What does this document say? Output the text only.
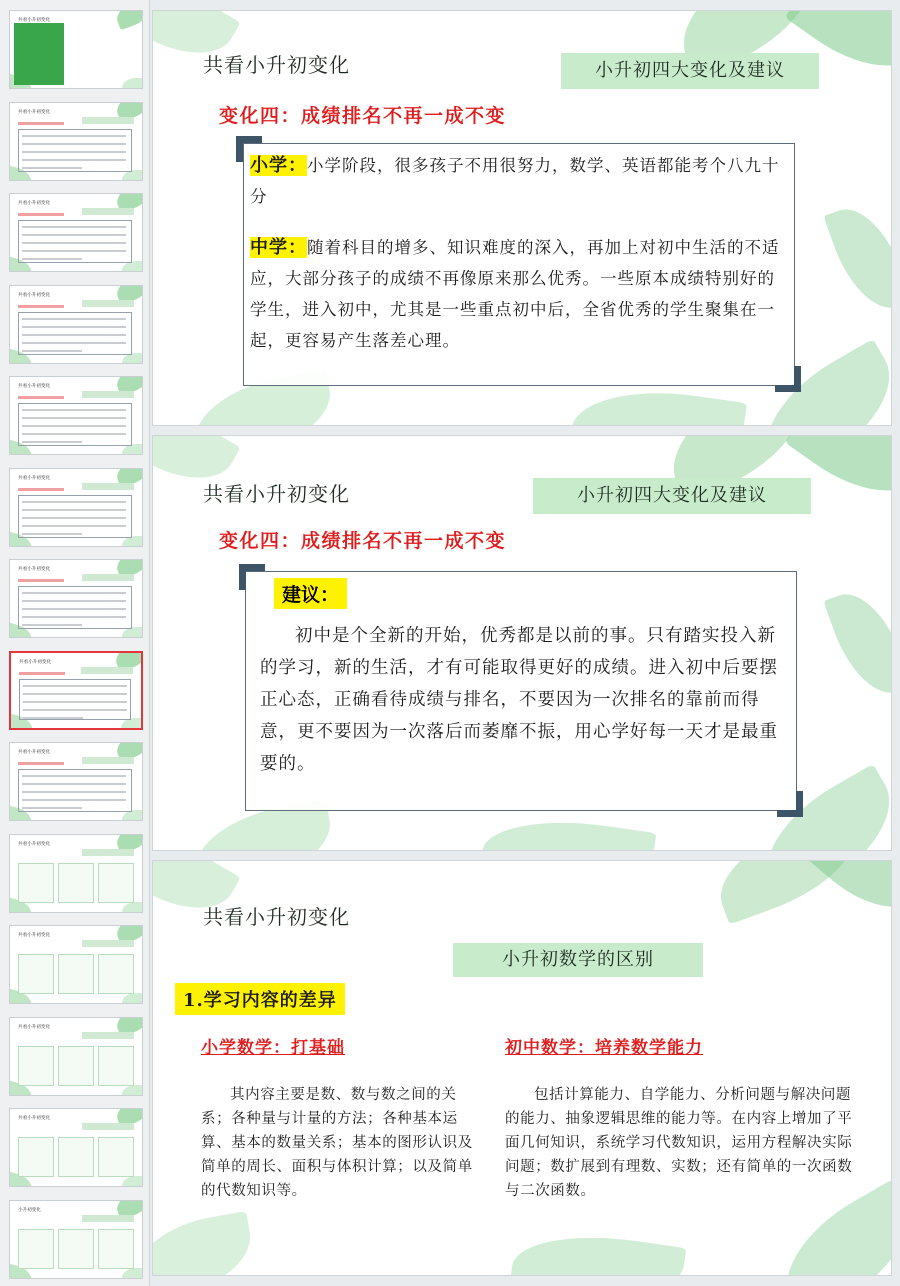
共看小升初变化
共看小升初变化
共看小升初变化
共看小升初变化
共看小升初变化
共看小升初变化
共看小升初变化
共看小升初变化
共看小升初变化
共看小升初变化
共看小升初变化
共看小升初变化
共看小升初变化
小升初变化
共看小升初变化	小升初四大变化及建议
变化四：成绩排名不再一成不变
小学：小学阶段，很多孩子不用很努力，数学、英语都能考个八九十分
中学：随着科目的增多、知识难度的深入，再加上对初中生活的不适应，大部分孩子的成绩不再像原来那么优秀。一些原本成绩特别好的学生，进入初中，尤其是一些重点初中后，全省优秀的学生聚集在一起，更容易产生落差心理。
共看小升初变化	小升初四大变化及建议
变化四：成绩排名不再一成不变
建议：
初中是个全新的开始，优秀都是以前的事。只有踏实投入新的学习，新的生活，才有可能取得更好的成绩。进入初中后要摆正心态，正确看待成绩与排名，不要因为一次排名的靠前而得意，更不要因为一次落后而萎靡不振，用心学好每一天才是最重要的。
共看小升初变化
小升初数学的区别
1.学习内容的差异
小学数学：打基础
其内容主要是数、数与数之间的关系；各种量与计量的方法；各种基本运算、基本的数量关系；基本的图形认识及简单的周长、面积与体积计算；以及简单的代数知识等。
初中数学：培养数学能力
包括计算能力、自学能力、分析问题与解决问题的能力、抽象逻辑思维的能力等。在内容上增加了平面几何知识，系统学习代数知识，运用方程解决实际问题；数扩展到有理数、实数；还有简单的一次函数与二次函数。
